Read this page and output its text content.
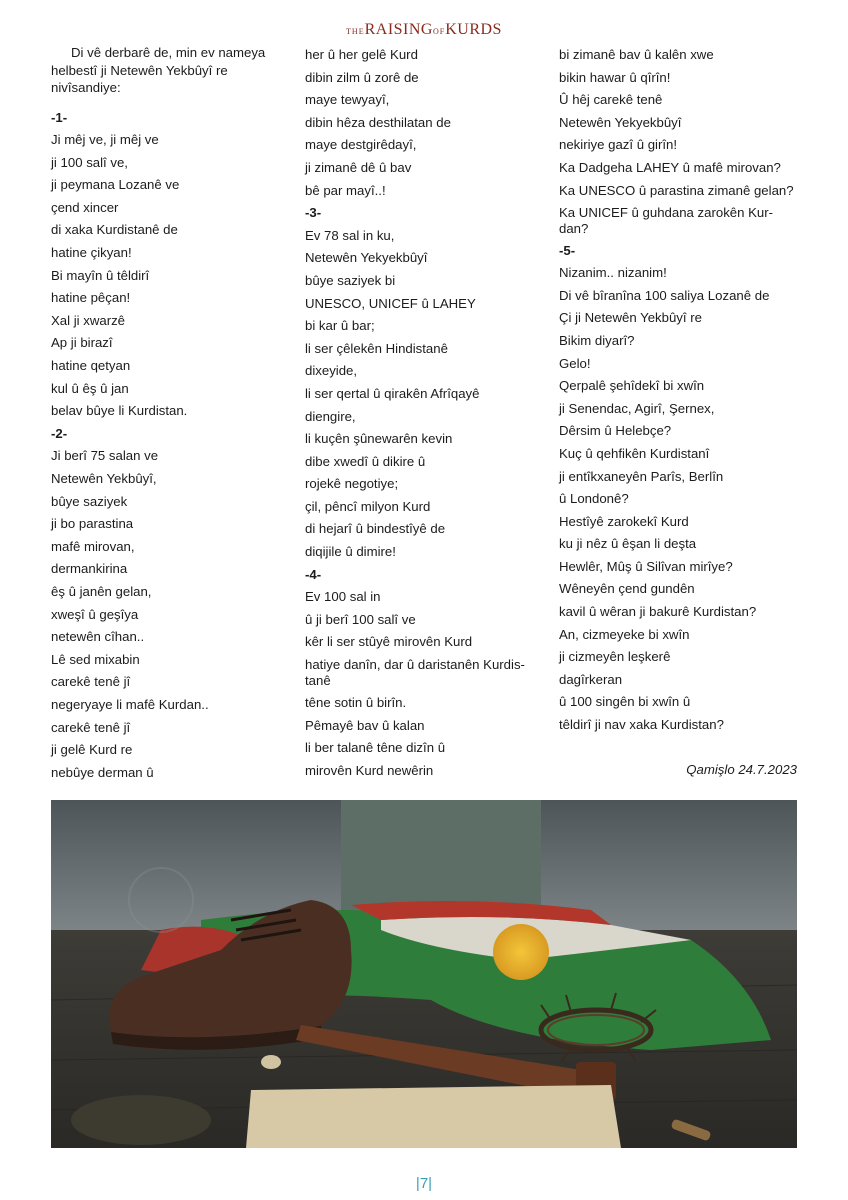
THERAISINGOFKURDS
Di vê derbarê de, min ev nameya helbestî ji Netewên Yekbûyî re nivîsandiye:
-1-
Ji mêj ve, ji mêj ve
ji 100 salî ve,
ji peymana Lozanê ve
çend xincer
di xaka Kurdistanê de
hatine çikyan!
Bi mayîn û têldirî
hatine pêçan!
Xal ji xwarzê
Ap ji birazî
hatine qetyan
kul û êş û jan
belav bûye li Kurdistan.
-2-
Ji berî 75 salan ve
Netewên Yekbûyî,
bûye saziyek
ji bo parastina
mafê mirovan,
dermankirina
êş û janên gelan,
xweşî û geşîya
netewên cîhan..
Lê sed mixabin
carekê tenê jî
negeryaye li mafê Kurdan..
carekê tenê jî
ji gelê Kurd re
nebûye derman û
her û her gelê Kurd
dibin zilm û zorê de
maye tewyayî,
dibin hêza desthilatan de
maye destgirêdayî,
ji zimanê dê û bav
bê par mayî..!
-3-
Ev 78 sal in ku,
Netewên Yekyekbûyî
bûye saziyek bi
UNESCO, UNICEF û LAHEY
bi kar û bar;
li ser çêlekên Hindistanê
dixeyide,
li ser qertal û qirakên Afrîqayê
diengire,
li kuçên şûnewarên kevin
dibe xwedî û dikire û
rojekê negotiye;
çil, pêncî milyon Kurd
di hejarî û bindestîyê de
diqijile û dimire!
-4-
Ev 100 sal in
û ji berî 100 salî ve
kêr li ser stûyê mirovên Kurd
hatiye danîn, dar û daristanên Kurdis-tanê
têne sotin û birîn.
Pêmayê bav û kalan
li ber talanê têne dizîn û
mirovên Kurd newêrin
bi zimanê bav û kalên xwe
bikin hawar û qîrîn!
Û hêj carekê tenê
Netewên Yekyekbûyî
nekiriye gazî û girîn!
Ka Dadgeha LAHEY û mafê mirovan?
Ka UNESCO û parastina zimanê gelan?
Ka UNICEF û guhdana zarokên Kur-dan?
-5-
Nizanim.. nizanim!
Di vê bîranîna 100 saliya Lozanê de
Çi ji Netewên Yekbûyî re
Bikim diyarî?
Gelo!
Qerpalê şehîdekî bi xwîn
ji Senendac, Agirî, Şernex,
Dêrsim û Helebçe?
Kuç û qehfikên Kurdistanî
ji entîkxaneyên Parîs, Berlîn
û Londonê?
Hestîyê zarokekî Kurd
ku ji nêz û êşan li deşta
Hewlêr, Mûş û Silîvan mirîye?
Wêneyên çend gundên
kavil û wêran ji bakurê Kurdistan?
An, cizmeyeke bi xwîn
ji cizmeyên leşkerê
dagîrkeran
û 100 singên bi xwîn û
têldirî ji nav xaka Kurdistan?
Qamişlo 24.7.2023
|7|
